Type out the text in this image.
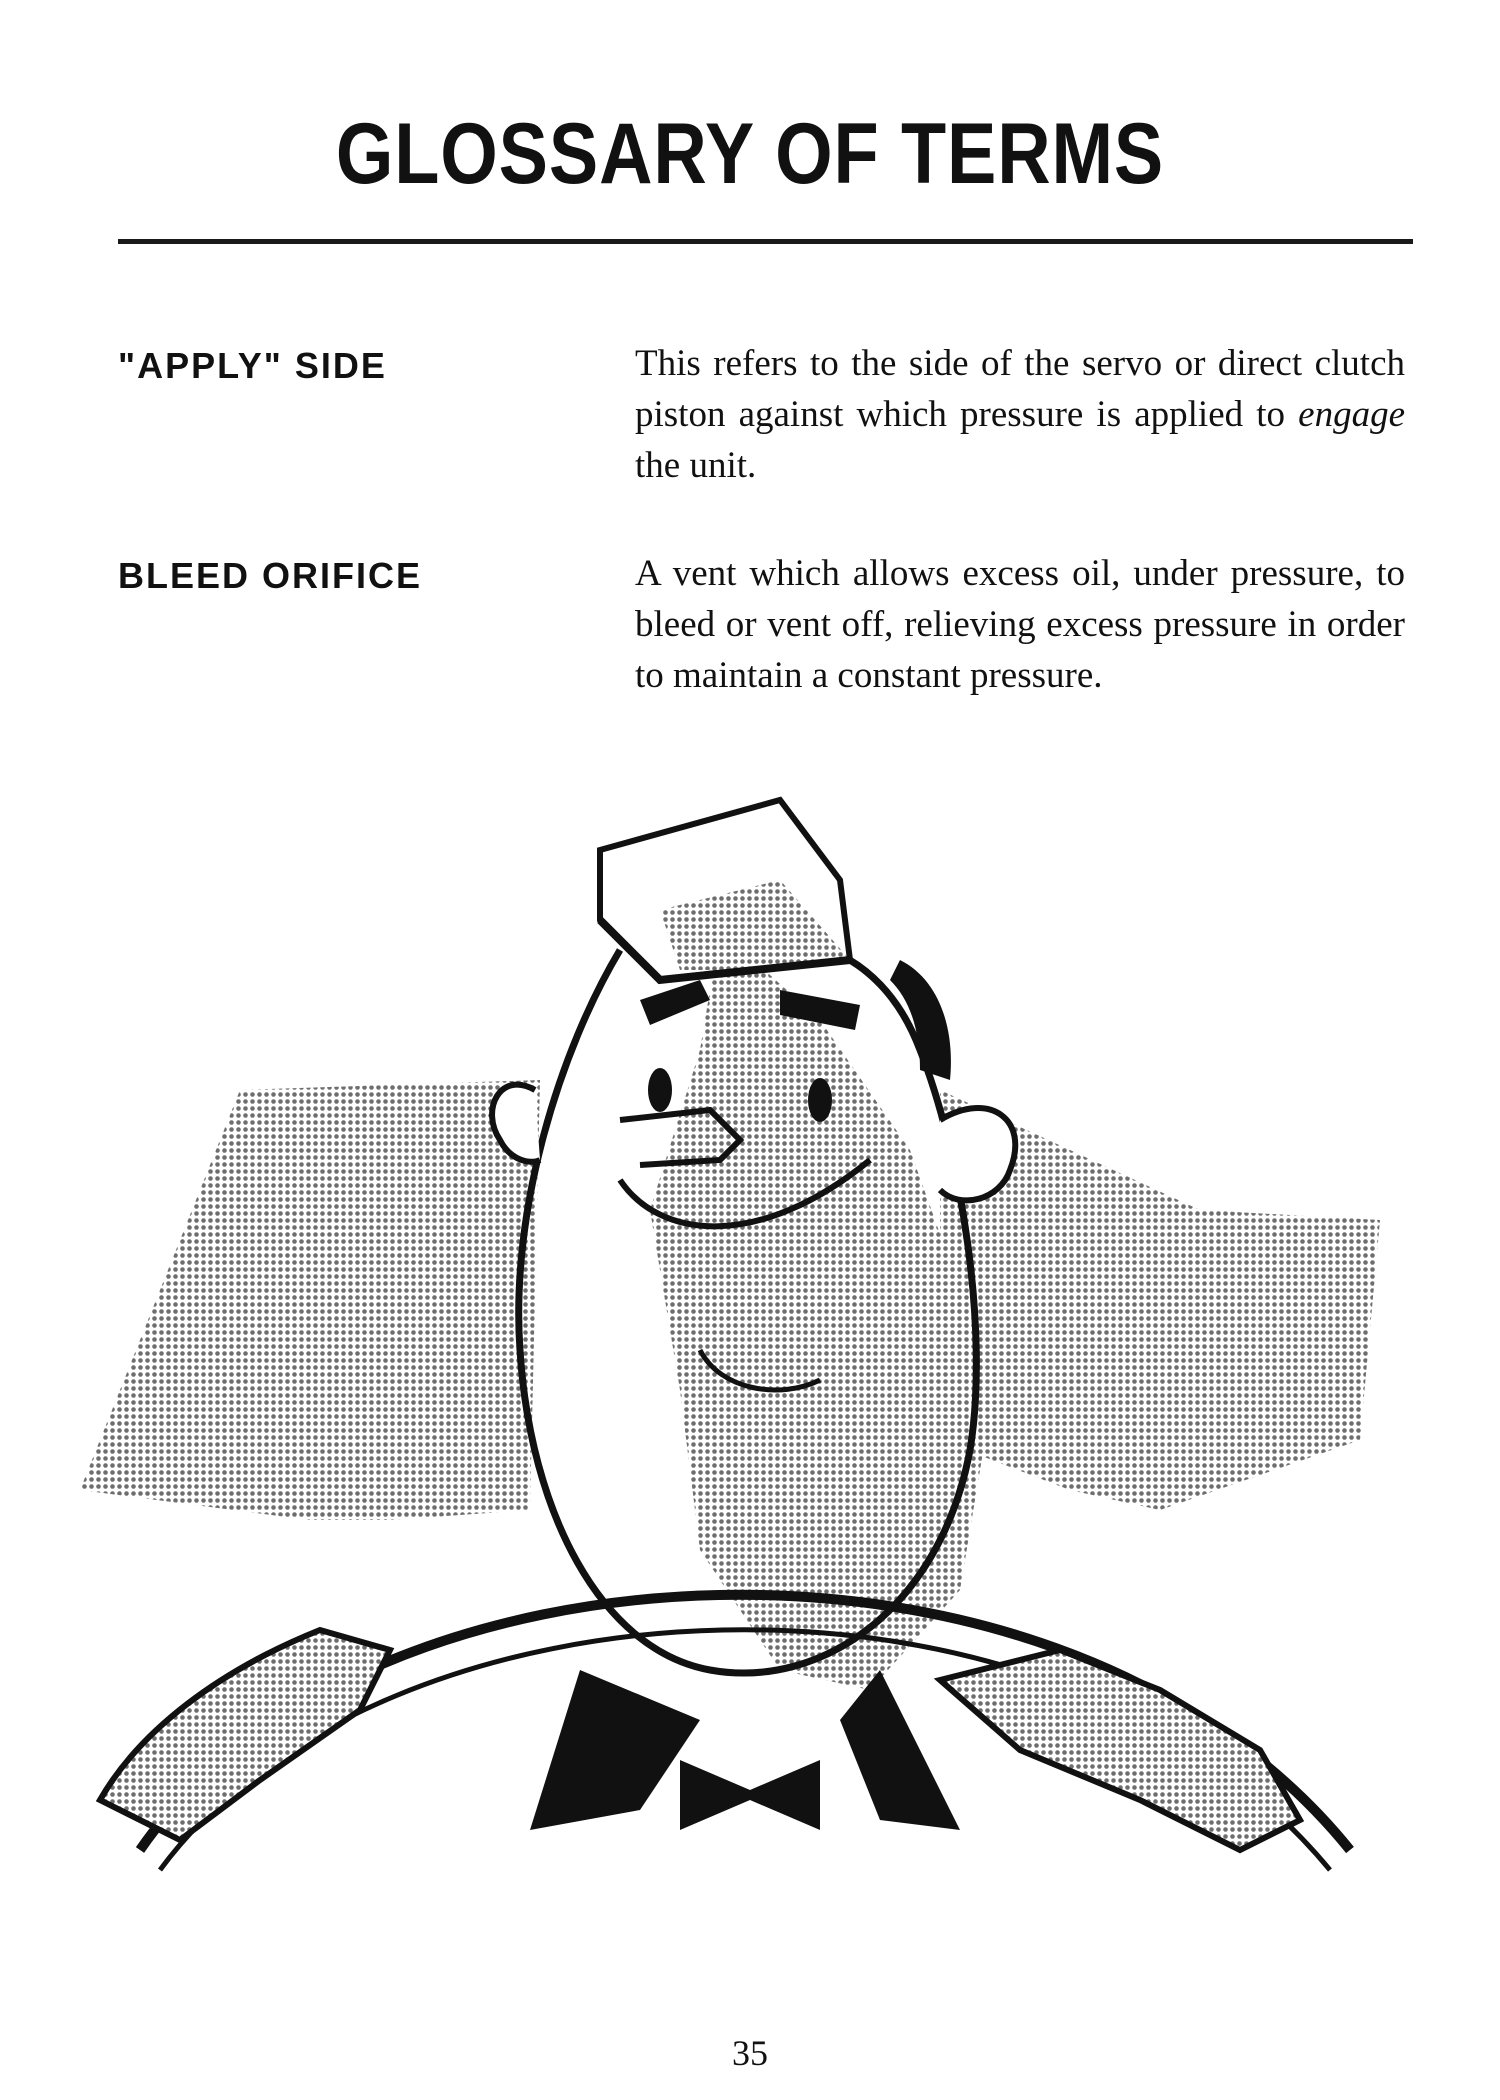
GLOSSARY OF TERMS

"APPLY" SIDE	This refers to the side of the servo or direct clutch piston against which pressure is applied to engage the unit.

BLEED ORIFICE	A vent which allows excess oil, under pressure, to bleed or vent off, relieving excess pressure in order to maintain a constant pressure.

35
